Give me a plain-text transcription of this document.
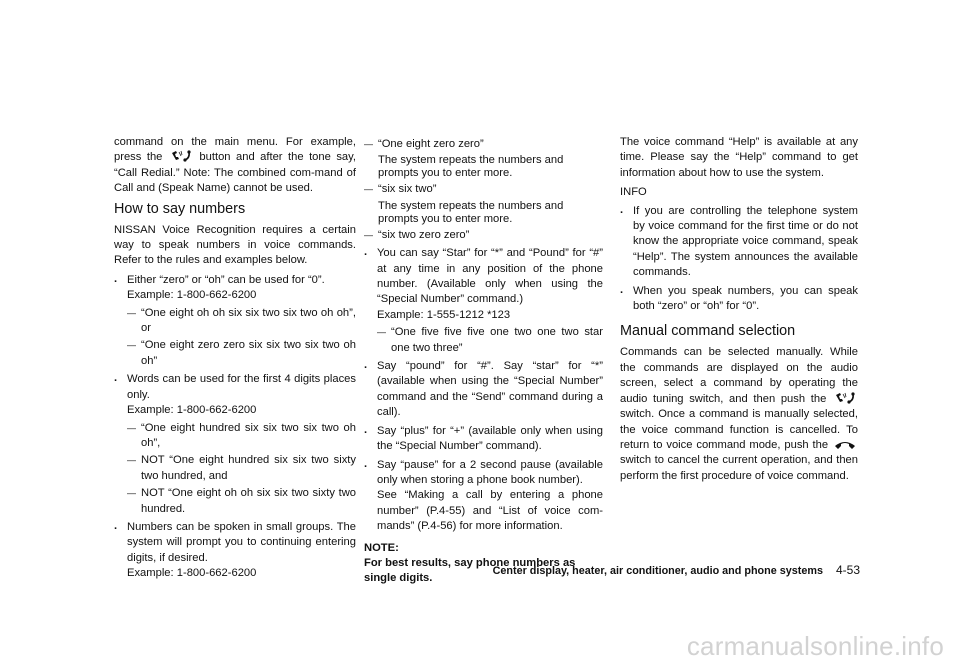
command on the main menu. For example, press the	button and after the tone say, “Call Redial.” Note: The combined com-mand of Call and (Speak Name) cannot be used.

How to say numbers

NISSAN Voice Recognition requires a certain way to speak numbers in voice commands. Refer to the rules and examples below.

. Either “zero” or “oh” can be used for “0”.
Example: 1-800-662-6200
— “One eight oh oh six six two six two oh oh”, or
— “One eight zero zero six six two six two oh oh”
. Words can be used for the first 4 digits places only.
Example: 1-800-662-6200
— “One eight hundred six six two six two oh oh”,
— NOT “One eight hundred six six two sixty two hundred, and
— NOT “One eight oh oh six six two sixty two hundred.
. Numbers can be spoken in small groups. The system will prompt you to continuing entering digits, if desired.
Example: 1-800-662-6200
— “One eight zero zero”
The system repeats the numbers and prompts you to enter more.
— “six six two”
The system repeats the numbers and prompts you to enter more.
— “six two zero zero”
. You can say “Star” for “*” and “Pound” for “#” at any time in any position of the phone number. (Available only when using the “Special Number” command.)
Example: 1-555-1212 *123
— “One five five five one two one two star one two three”
. Say “pound” for “#”. Say “star” for “*” (available when using the “Special Number” command and the “Send” command during a call).
. Say “plus” for “+” (available only when using the “Special Number” command).
. Say “pause” for a 2 second pause (available only when storing a phone book number).
See “Making a call by entering a phone number” (P.4-55) and “List of voice com-mands” (P.4-56) for more information.

NOTE:

For best results, say phone numbers as single digits.

The voice command “Help” is available at any time. Please say the “Help” command to get information about how to use the system.

INFO

. If you are controlling the telephone system by voice command for the first time or do not know the appropriate voice command, speak “Help”. The system announces the available commands.
. When you speak numbers, you can speak both “zero” or “oh” for “0”.
Manual command selection

Commands can be selected manually. While the commands are displayed on the audio screen, select a command by operating the audio tuning switch, and then push the  switch. Once a command is manually selected, the voice command function is cancelled. To return to voice command mode, push the  switch to cancel the current operation, and then perform the first procedure of voice command.

Center display, heater, air conditioner, audio and phone systems 4-53
carmanualsonline.info
